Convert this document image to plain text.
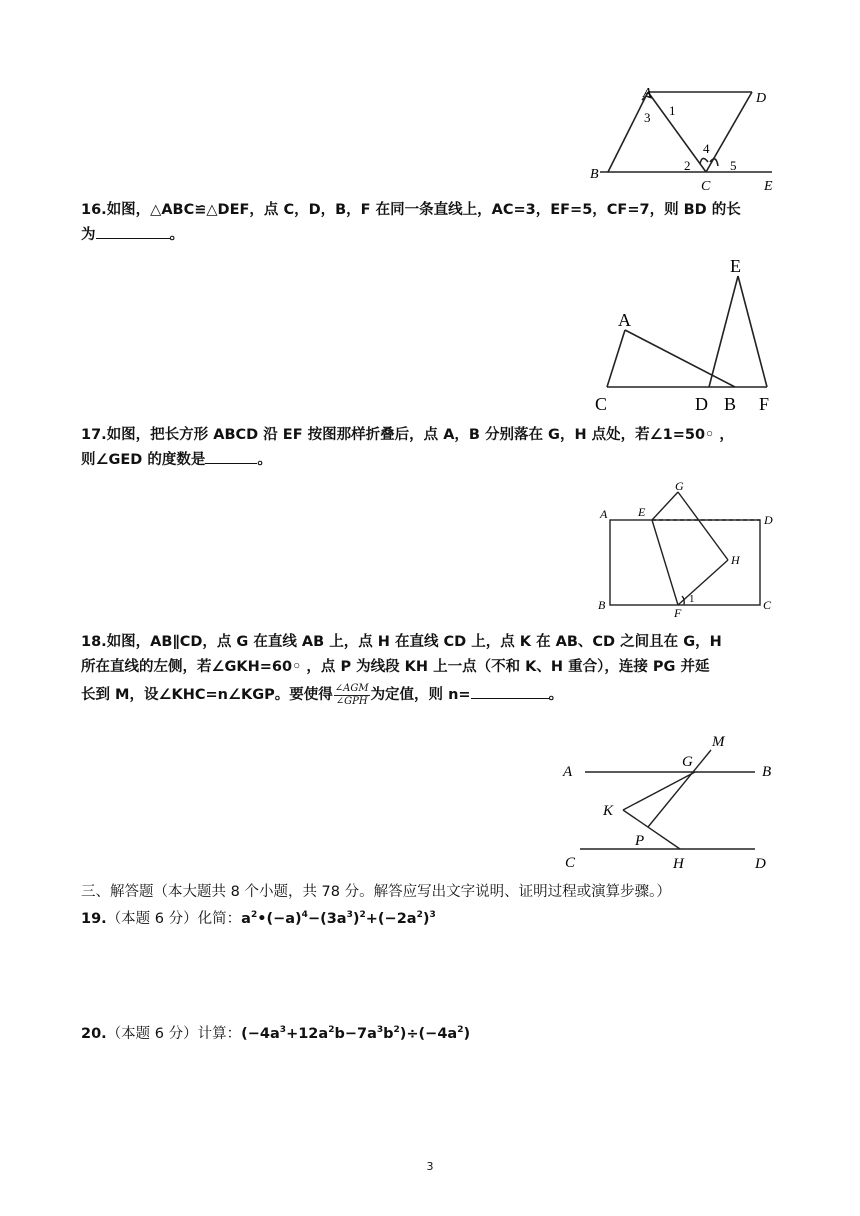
A	D
B
C	E
1
2
3
4
5
16.如图，△ABC≌△DEF，点 C，D，B，F 在同一条直线上，AC=3，EF=5，CF=7，则 BD 的长
为	。
A
E
C	D B F
17.如图，把长方形 ABCD 沿 EF 按图那样折叠后，点 A，B 分别落在 G，H 点处，若∠1=50◦ ，
则∠GED 的度数是	。
A	E
G
D
H
B
F
C
1
18.如图，AB∥CD，点 G 在直线 AB 上，点 H 在直线 CD 上，点 K 在 AB、CD 之间且在 G，H
所在直线的左侧，若∠GKH=60◦ ，点 P 为线段 KH 上一点（不和 K、H 重合），连接 PG 并延
长到 M，设∠KHC=n∠KGP。要使得 $\frac{\text{∠AGM}}{\text{∠GPH}}$ 为定值，则 n=	。
A
G
M
B
K
P
C	H	D
三、解答题（本大题共 8 个小题，共 78 分。解答应写出文字说明、证明过程或演算步骤。）
19.（本题 6 分）化简：$a^2•(-a)^4-(3a^3)^2+(-2a^2)^3$
20.（本题 6 分）计算：$(-4a^3+12a^2b-7a^3b^2)\div(-4a^2)$
3
